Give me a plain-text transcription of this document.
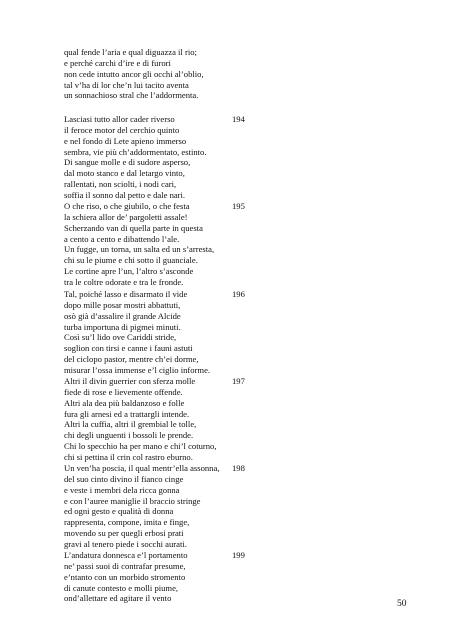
qual fende l’aria e qual diguazza il rio;
e perché carchi d’ire e di furori
non cede intutto ancor gli occhi al’oblio,
tal v’ha di lor che’n lui tacito aventa
un sonnachioso stral che l’addormenta.
Lasciasi tutto allor cader riverso
il feroce motor del cerchio quinto
e nel fondo di Lete apieno immerso
sembra, vie più ch’addormentato, estinto.
Di sangue molle e di sudore asperso,
dal moto stanco e dal letargo vinto,
rallentati, non sciolti, i nodi cari,
soffia il sonno dal petto e dale nari.
194
O che riso, o che giubilo, o che festa
la schiera allor de’ pargoletti assale!
Scherzando van di quella parte in questa
a cento a cento e dibattendo l’ale.
Un fugge, un torna, un salta ed un s’arresta,
chi su le piume e chi sotto il guanciale.
Le cortine apre l’un, l’altro s’asconde
tra le coltre odorate e tra le fronde.
195
Tal, poiché lasso e disarmato il vide
dopo mille posar mostri abbattuti,
osò già d’assalire il grande Alcide
turba importuna di pigmei minuti.
Così su’l lido ove Cariddi stride,
soglion con tirsi e canne i fauni astuti
del ciclopo pastor, mentre ch’ei dorme,
misurar l’ossa immense e’l ciglio informe.
196
Altri il divin guerrier con sferza molle
fiede di rose e lievemente offende.
Altri ala dea più baldanzoso e folle
fura gli arnesi ed a trattargli intende.
Altri la cuffia, altri il grembial le tolle,
chi degli unguenti i bossoli le prende.
Chi lo specchio ha per mano e chi’l coturno,
chi si pettina il crin col rastro eburno.
197
Un ven’ha poscia, il qual mentr’ella assonna,
del suo cinto divino il fianco cinge
e veste i membri dela ricca gonna
e con l’auree maniglie il braccio stringe
ed ogni gesto e qualità di donna
rappresenta, compone, imita e finge,
movendo su per quegli erbosi prati
gravi al tenero piede i socchi aurati.
198
L’andatura donnesca e’l portamento
ne’ passi suoi di contrafar presume,
e’ntanto con un morbido stromento
di canute contesto e molli piume,
ond’allettare ed agitare il vento
199
50
